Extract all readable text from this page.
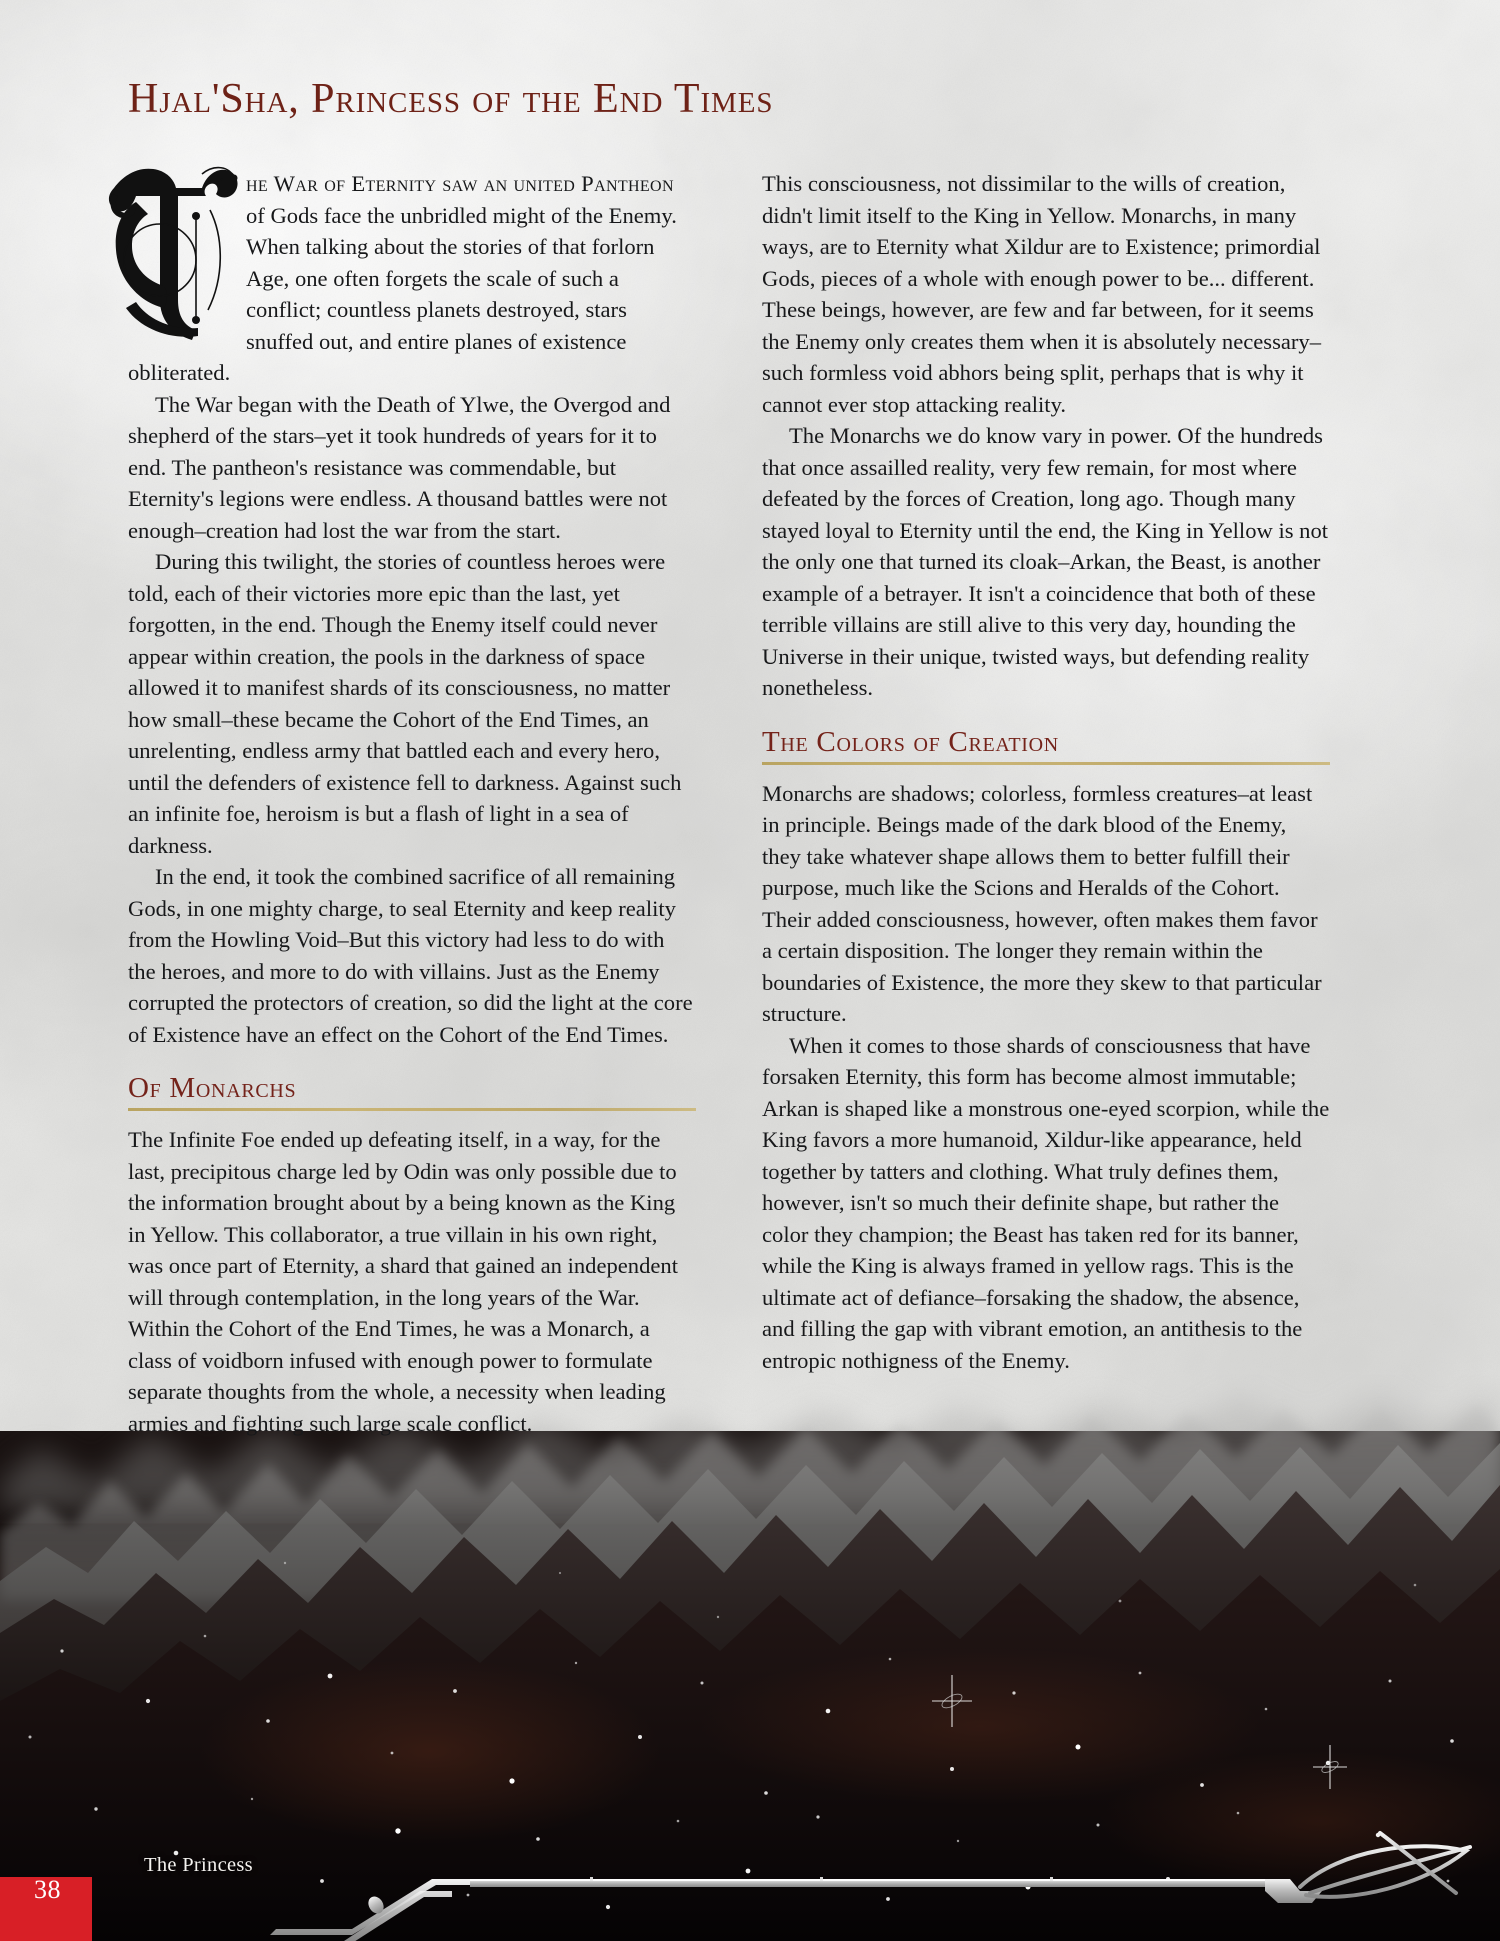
Hjal'Sha, Princess of the End Times

he War of Eternity saw an united Pantheon of Gods face the unbridled might of the Enemy. When talking about the stories of that forlorn Age, one often forgets the scale of such a conflict; countless planets destroyed, stars snuffed out, and entire planes of existence obliterated.

The War began with the Death of Ylwe, the Overgod and shepherd of the stars–yet it took hundreds of years for it to end. The pantheon's resistance was commendable, but Eternity's legions were endless. A thousand battles were not enough–creation had lost the war from the start.

During this twilight, the stories of countless heroes were told, each of their victories more epic than the last, yet forgotten, in the end. Though the Enemy itself could never appear within creation, the pools in the darkness of space allowed it to manifest shards of its consciousness, no matter how small–these became the Cohort of the End Times, an unrelenting, endless army that battled each and every hero, until the defenders of existence fell to darkness. Against such an infinite foe, heroism is but a flash of light in a sea of darkness.

In the end, it took the combined sacrifice of all remaining Gods, in one mighty charge, to seal Eternity and keep reality from the Howling Void–But this victory had less to do with the heroes, and more to do with villains. Just as the Enemy corrupted the protectors of creation, so did the light at the core of Existence have an effect on the Cohort of the End Times.

Of Monarchs

The Infinite Foe ended up defeating itself, in a way, for the last, precipitous charge led by Odin was only possible due to the information brought about by a being known as the King in Yellow. This collaborator, a true villain in his own right, was once part of Eternity, a shard that gained an independent will through contemplation, in the long years of the War. Within the Cohort of the End Times, he was a Monarch, a class of voidborn infused with enough power to formulate separate thoughts from the whole, a necessity when leading armies and fighting such large scale conflict.

This consciousness, not dissimilar to the wills of creation, didn't limit itself to the King in Yellow. Monarchs, in many ways, are to Eternity what Xildur are to Existence; primordial Gods, pieces of a whole with enough power to be... different. These beings, however, are few and far between, for it seems the Enemy only creates them when it is absolutely necessary–such formless void abhors being split, perhaps that is why it cannot ever stop attacking reality.

The Monarchs we do know vary in power. Of the hundreds that once assailled reality, very few remain, for most where defeated by the forces of Creation, long ago. Though many stayed loyal to Eternity until the end, the King in Yellow is not the only one that turned its cloak–Arkan, the Beast, is another example of a betrayer. It isn't a coincidence that both of these terrible villains are still alive to this very day, hounding the Universe in their unique, twisted ways, but defending reality nonetheless.

The Colors of Creation

Monarchs are shadows; colorless, formless creatures–at least in principle. Beings made of the dark blood of the Enemy, they take whatever shape allows them to better fulfill their purpose, much like the Scions and Heralds of the Cohort. Their added consciousness, however, often makes them favor a certain disposition. The longer they remain within the boundaries of Existence, the more they skew to that particular structure.

When it comes to those shards of consciousness that have forsaken Eternity, this form has become almost immutable; Arkan is shaped like a monstrous one-eyed scorpion, while the King favors a more humanoid, Xildur-like appearance, held together by tatters and clothing. What truly defines them, however, isn't so much their definite shape, but rather the color they champion; the Beast has taken red for its banner, while the King is always framed in yellow rags. This is the ultimate act of defiance–forsaking the shadow, the absence, and filling the gap with vibrant emotion, an antithesis to the entropic nothigness of the Enemy.

38
The Princess
